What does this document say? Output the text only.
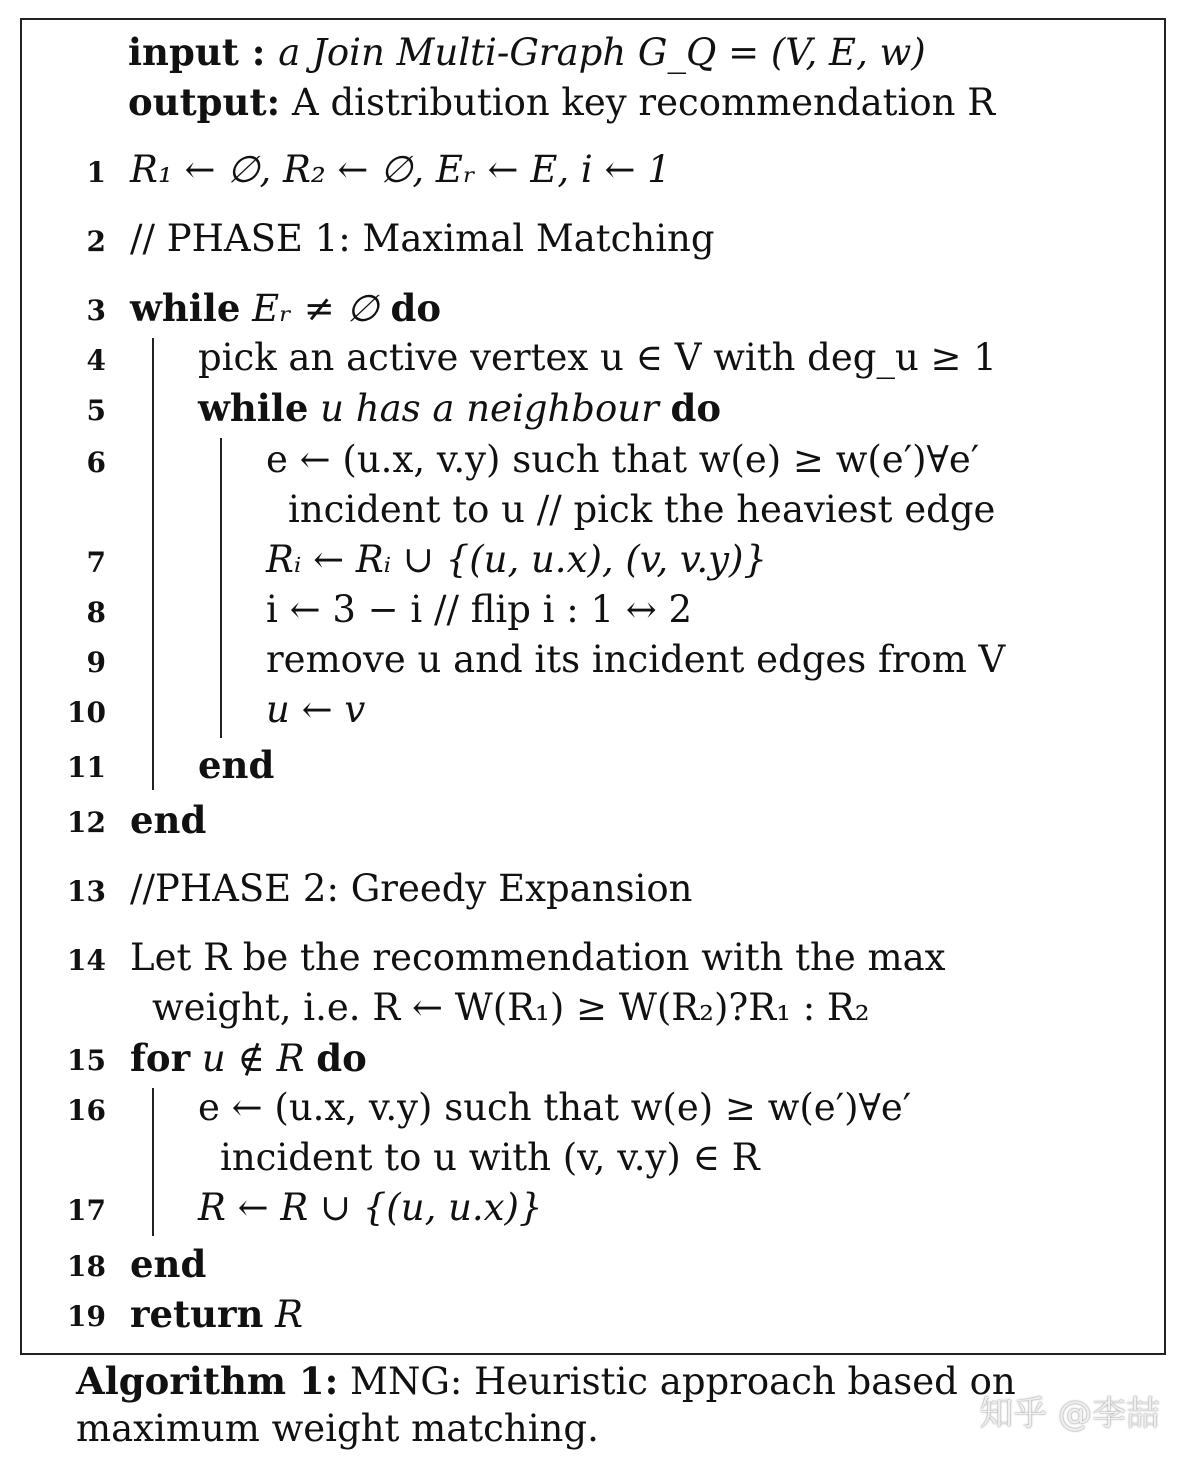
input : a Join Multi-Graph G_Q = (V, E, w)
output: A distribution key recommendation R
1 R₁ ← ∅, R₂ ← ∅, Eᵣ ← E, i ← 1
2 // PHASE 1: Maximal Matching
3 while Eᵣ ≠ ∅ do
4 pick an active vertex u ∈ V with deg_u ≥ 1
5 while u has a neighbour do
6	e ← (u.x, v.y) such that w(e) ≥ w(e′)∀e′
incident to u // pick the heaviest edge
7	Rᵢ ← Rᵢ ∪ {(u, u.x), (v, v.y)}
8	i ← 3 − i // flip i : 1 ↔ 2
9	remove u and its incident edges from V
10	u ← v
11 end
12 end
13 //PHASE 2: Greedy Expansion
14 Let R be the recommendation with the max
weight, i.e. R ← W(R₁) ≥ W(R₂)?R₁ : R₂
15 for u ∉ R do
16 e ← (u.x, v.y) such that w(e) ≥ w(e′)∀e′
incident to u with (v, v.y) ∈ R
17 R ← R ∪ {(u, u.x)}
18 end
19 return R
Algorithm 1: MNG: Heuristic approach based on
maximum weight matching.	知乎 @李喆
